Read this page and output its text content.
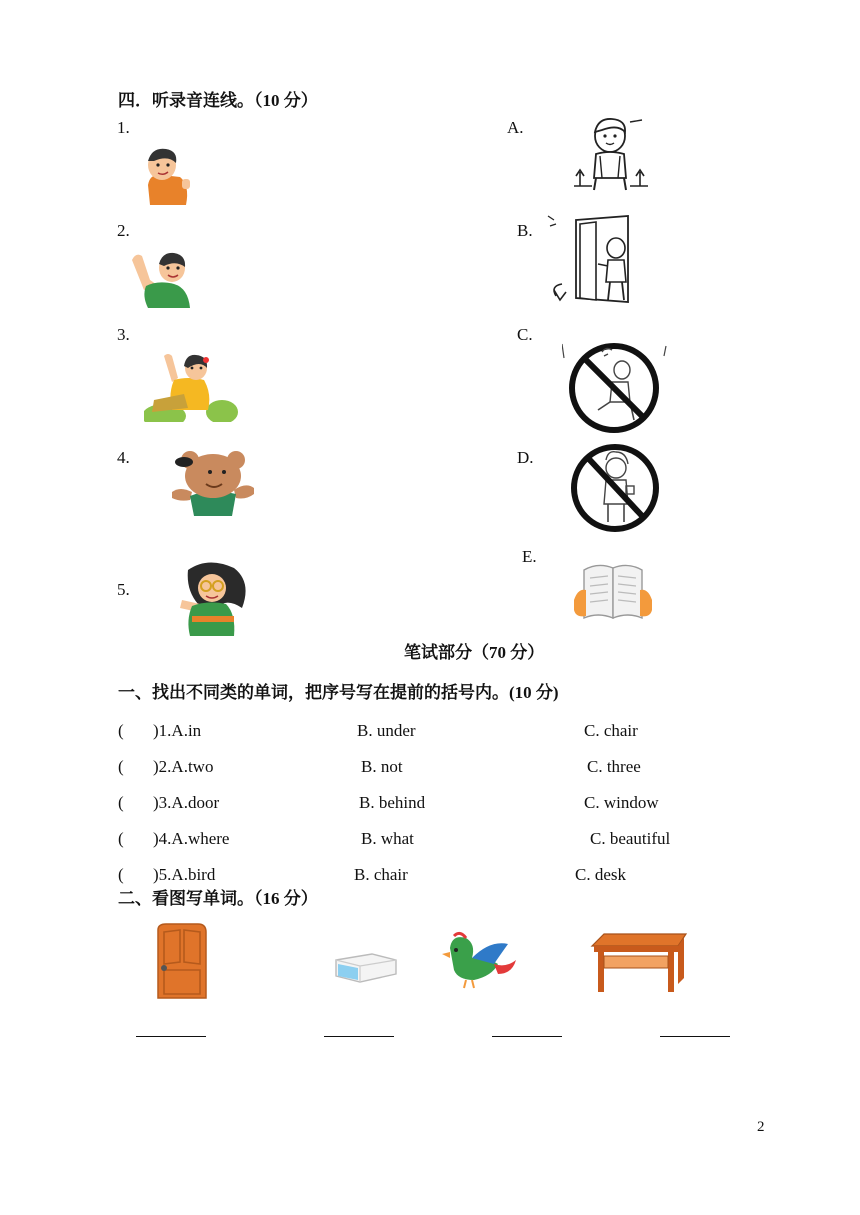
四．听录音连线。（10 分）
1.
2.
3.
4.
5.
A.
B.
C.
D.
E.
笔试部分（70 分）
一、找出不同类的单词，把序号写在提前的括号内。(10 分)
( )1.A.in	B. under	C. chair
( )2.A.two	B. not	C. three
( )3.A.door	B. behind	C. window
( )4.A.where	B. what	C. beautiful
( )5.A.bird	B. chair	C. desk
二、看图写单词。（16 分）
2
